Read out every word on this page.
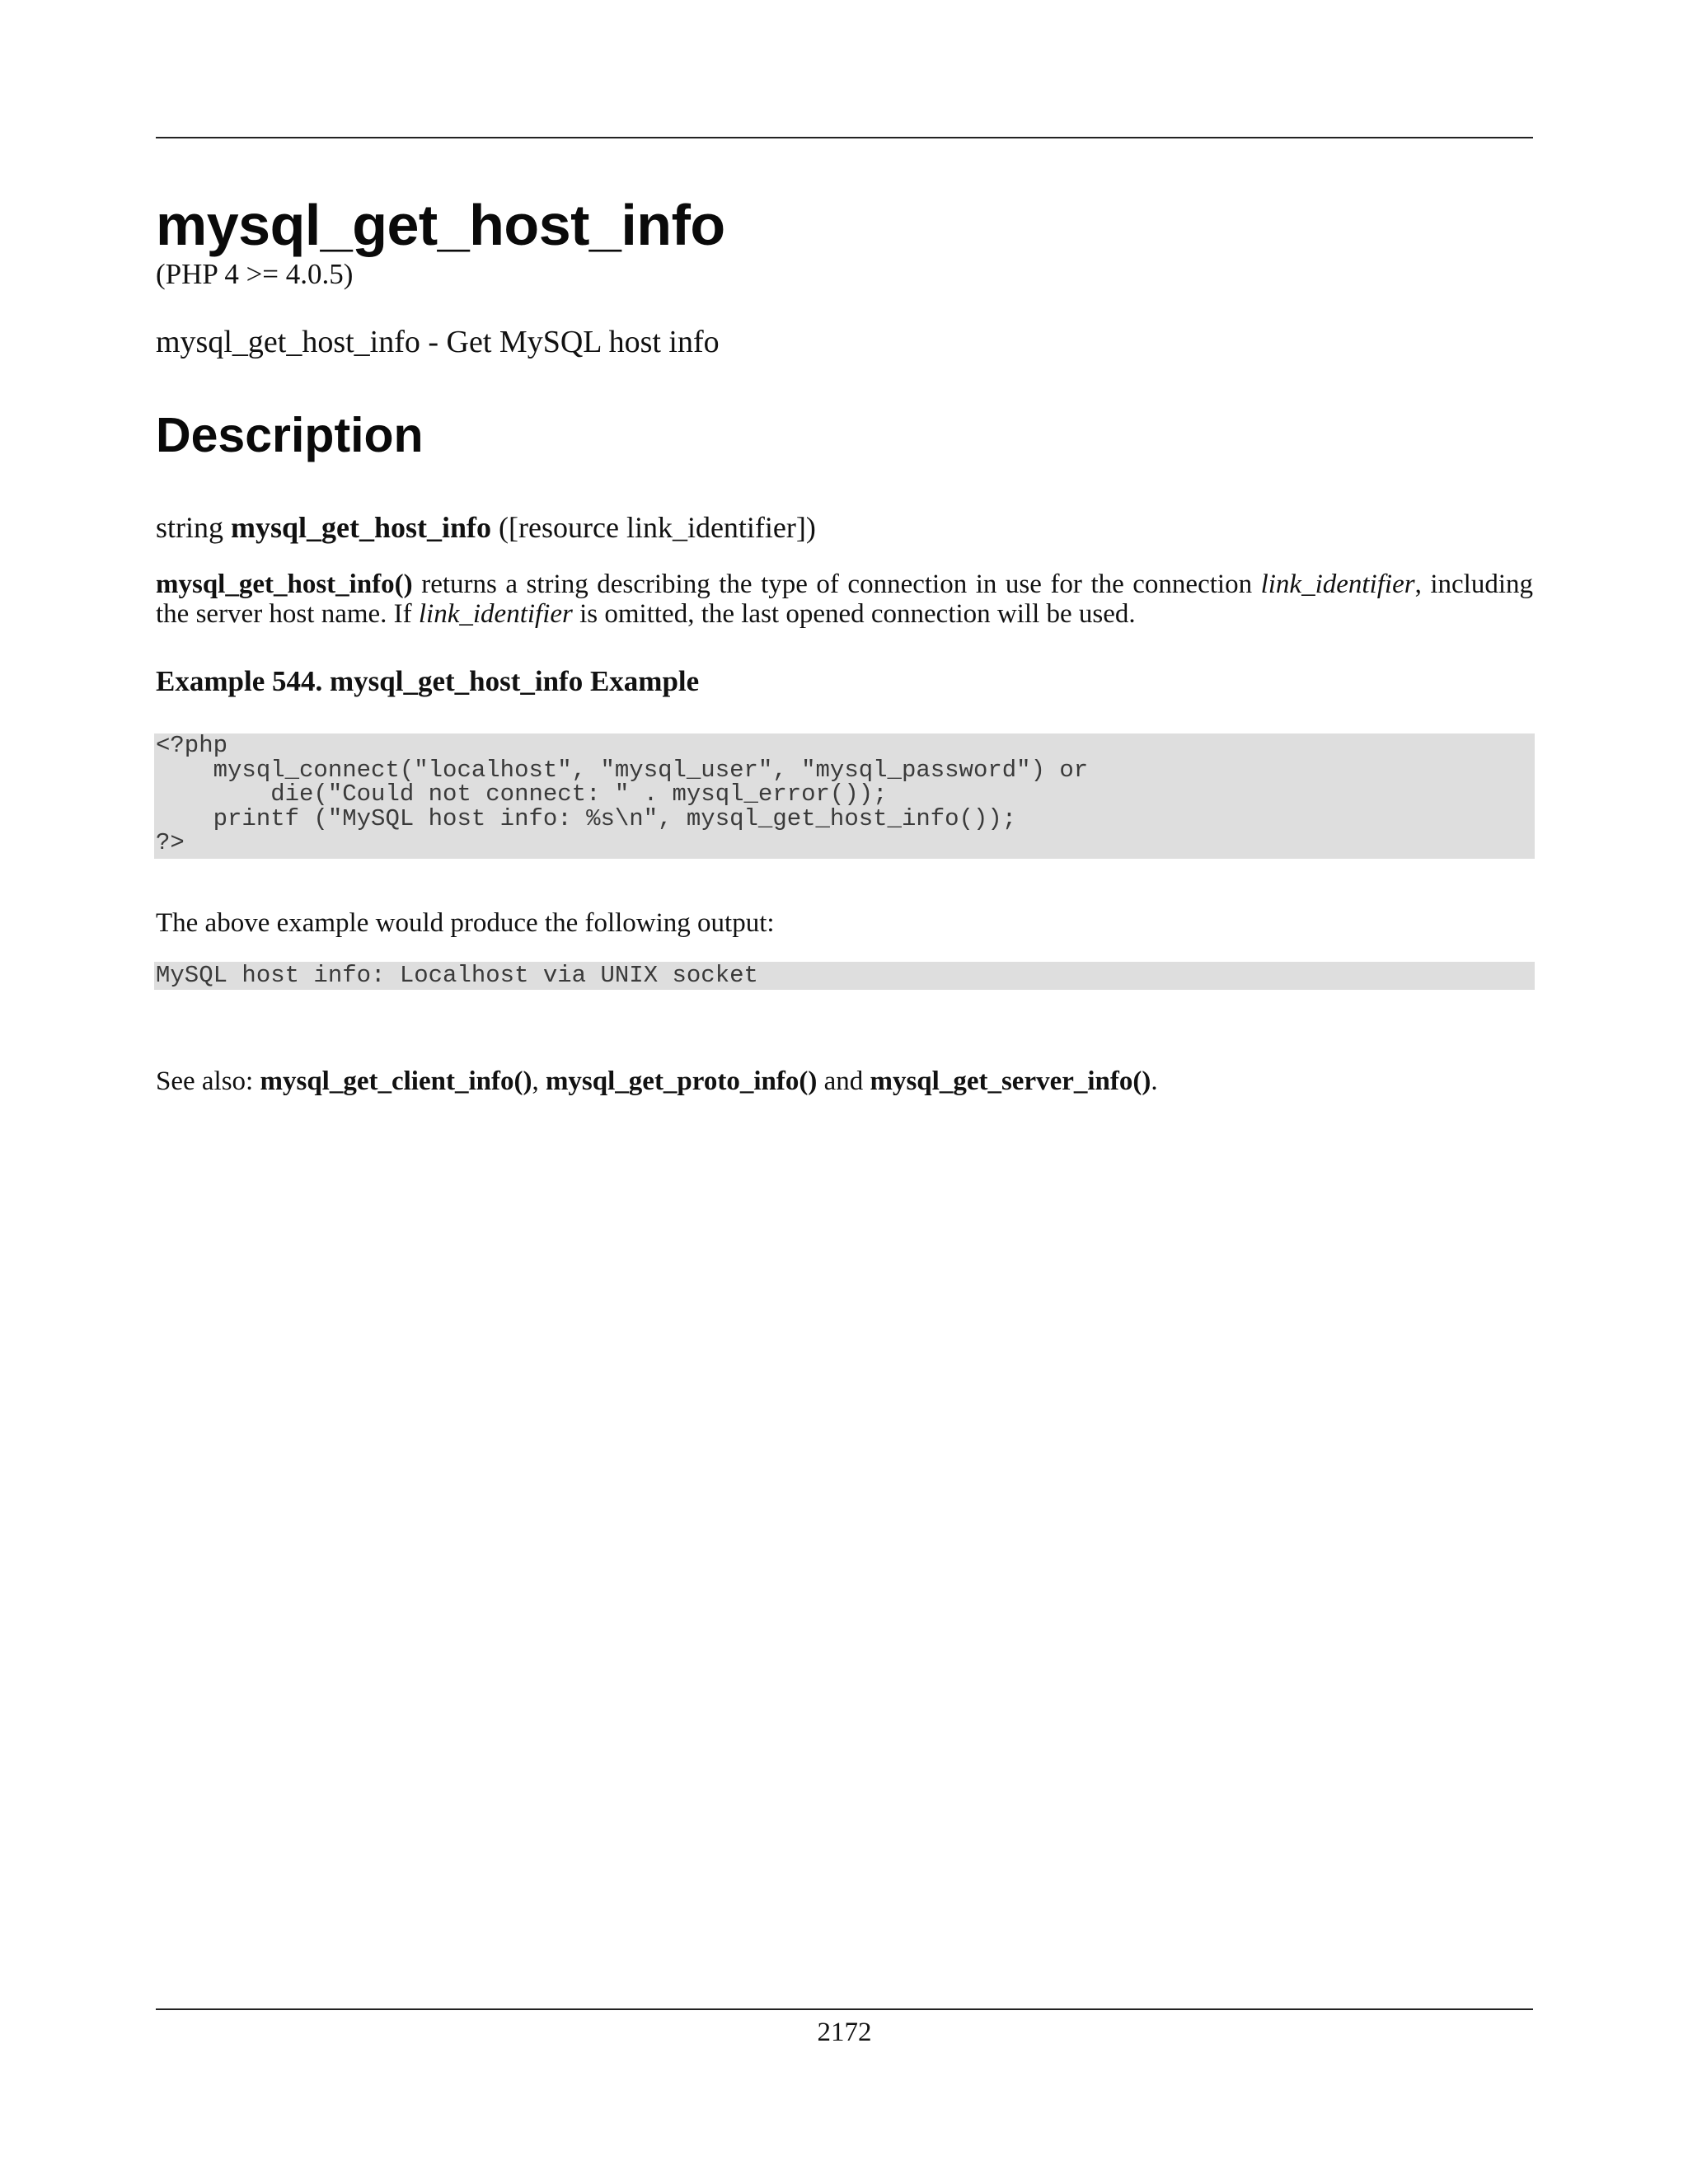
mysql_get_host_info
(PHP 4 >= 4.0.5)
mysql_get_host_info - Get MySQL host info
Description
string mysql_get_host_info ([resource link_identifier])
mysql_get_host_info() returns a string describing the type of connection in use for the connection link_identifier, including the server host name. If link_identifier is omitted, the last opened connection will be used.
Example 544. mysql_get_host_info Example
<?php
mysql_connect("localhost", "mysql_user", "mysql_password") or
die("Could not connect: " . mysql_error());
printf ("MySQL host info: %s\n", mysql_get_host_info());
?>
The above example would produce the following output:
MySQL host info: Localhost via UNIX socket
See also: mysql_get_client_info(), mysql_get_proto_info() and mysql_get_server_info().
2172
